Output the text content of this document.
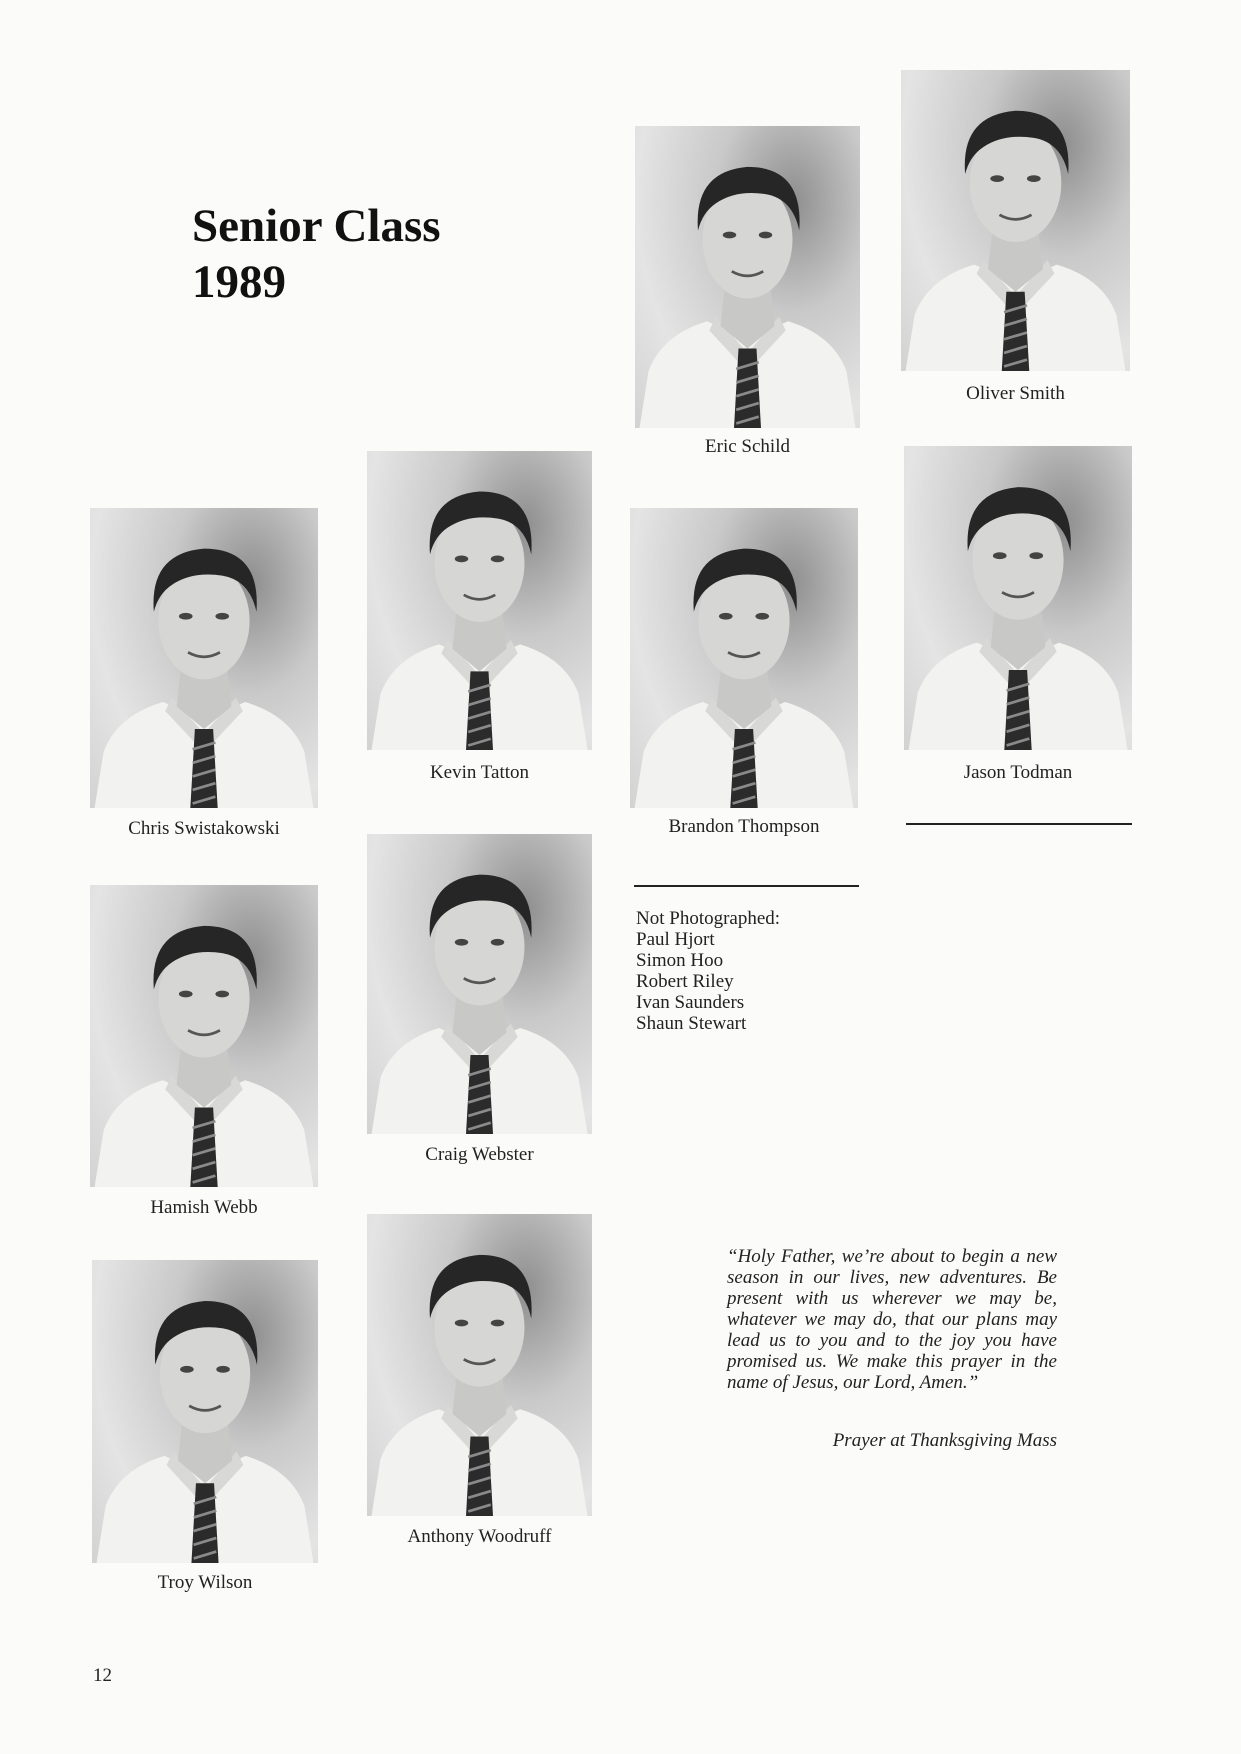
Senior Class
1989
Eric Schild
Oliver Smith
Chris Swistakowski
Kevin Tatton
Brandon Thompson
Jason Todman
Hamish Webb
Craig Webster
Troy Wilson
Anthony Woodruff
Not Photographed:
Paul Hjort
Simon Hoo
Robert Riley
Ivan Saunders
Shaun Stewart
“Holy Father, we’re about to begin a new season in our lives, new adventures. Be present with us wherever we may be, whatever we may do, that our plans may lead us to you and to the joy you have promised us. We make this prayer in the name of Jesus, our Lord, Amen.”
Prayer at Thanksgiving Mass
12
